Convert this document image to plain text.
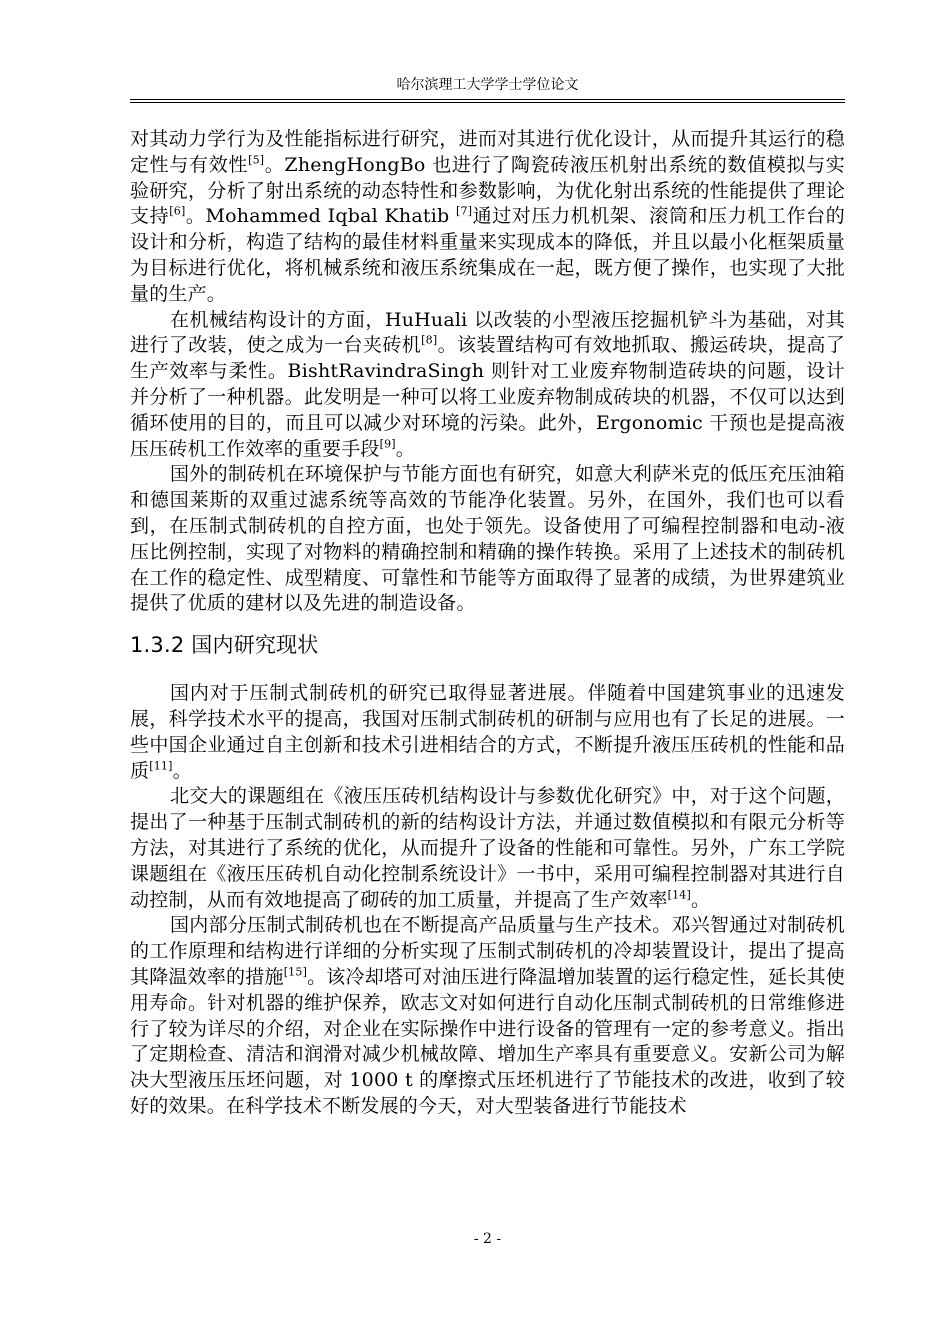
哈尔滨理工大学学士学位论文

对其动力学行为及性能指标进行研究，进而对其进行优化设计，从而提升其运行的稳定性与有效性[5]。ZhengHongBo 也进行了陶瓷砖液压机射出系统的数值模拟与实验研究，分析了射出系统的动态特性和参数影响，为优化射出系统的性能提供了理论支持[6]。Mohammed Iqbal Khatib [7]通过对压力机机架、滚筒和压力机工作台的设计和分析，构造了结构的最佳材料重量来实现成本的降低，并且以最小化框架质量为目标进行优化，将机械系统和液压系统集成在一起，既方便了操作，也实现了大批量的生产。

在机械结构设计的方面，HuHuali 以改装的小型液压挖掘机铲斗为基础，对其进行了改装，使之成为一台夹砖机[8]。该装置结构可有效地抓取、搬运砖块，提高了生产效率与柔性。BishtRavindraSingh 则针对工业废弃物制造砖块的问题，设计并分析了一种机器。此发明是一种可以将工业废弃物制成砖块的机器，不仅可以达到循环使用的目的，而且可以减少对环境的污染。此外，Ergonomic 干预也是提高液压压砖机工作效率的重要手段[9]。

国外的制砖机在环境保护与节能方面也有研究，如意大利萨米克的低压充压油箱和德国莱斯的双重过滤系统等高效的节能净化装置。另外，在国外，我们也可以看到，在压制式制砖机的自控方面，也处于领先。设备使用了可编程控制器和电动-液压比例控制，实现了对物料的精确控制和精确的操作转换。采用了上述技术的制砖机在工作的稳定性、成型精度、可靠性和节能等方面取得了显著的成绩，为世界建筑业提供了优质的建材以及先进的制造设备。

1.3.2 国内研究现状

国内对于压制式制砖机的研究已取得显著进展。伴随着中国建筑事业的迅速发展，科学技术水平的提高，我国对压制式制砖机的研制与应用也有了长足的进展。一些中国企业通过自主创新和技术引进相结合的方式，不断提升液压压砖机的性能和品质[11]。

北交大的课题组在《液压压砖机结构设计与参数优化研究》中，对于这个问题，提出了一种基于压制式制砖机的新的结构设计方法，并通过数值模拟和有限元分析等方法，对其进行了系统的优化，从而提升了设备的性能和可靠性。另外，广东工学院课题组在《液压压砖机自动化控制系统设计》一书中，采用可编程控制器对其进行自动控制，从而有效地提高了砌砖的加工质量，并提高了生产效率[14]。

国内部分压制式制砖机也在不断提高产品质量与生产技术。邓兴智通过对制砖机的工作原理和结构进行详细的分析实现了压制式制砖机的冷却装置设计，提出了提高其降温效率的措施[15]。该冷却塔可对油压进行降温增加装置的运行稳定性，延长其使用寿命。针对机器的维护保养，欧志文对如何进行自动化压制式制砖机的日常维修进行了较为详尽的介绍，对企业在实际操作中进行设备的管理有一定的参考意义。指出了定期检查、清洁和润滑对减少机械故障、增加生产率具有重要意义。安新公司为解决大型液压压坯问题，对 1000 t 的摩擦式压坯机进行了节能技术的改进，收到了较好的效果。在科学技术不断发展的今天，对大型装备进行节能技术

- 2 -
